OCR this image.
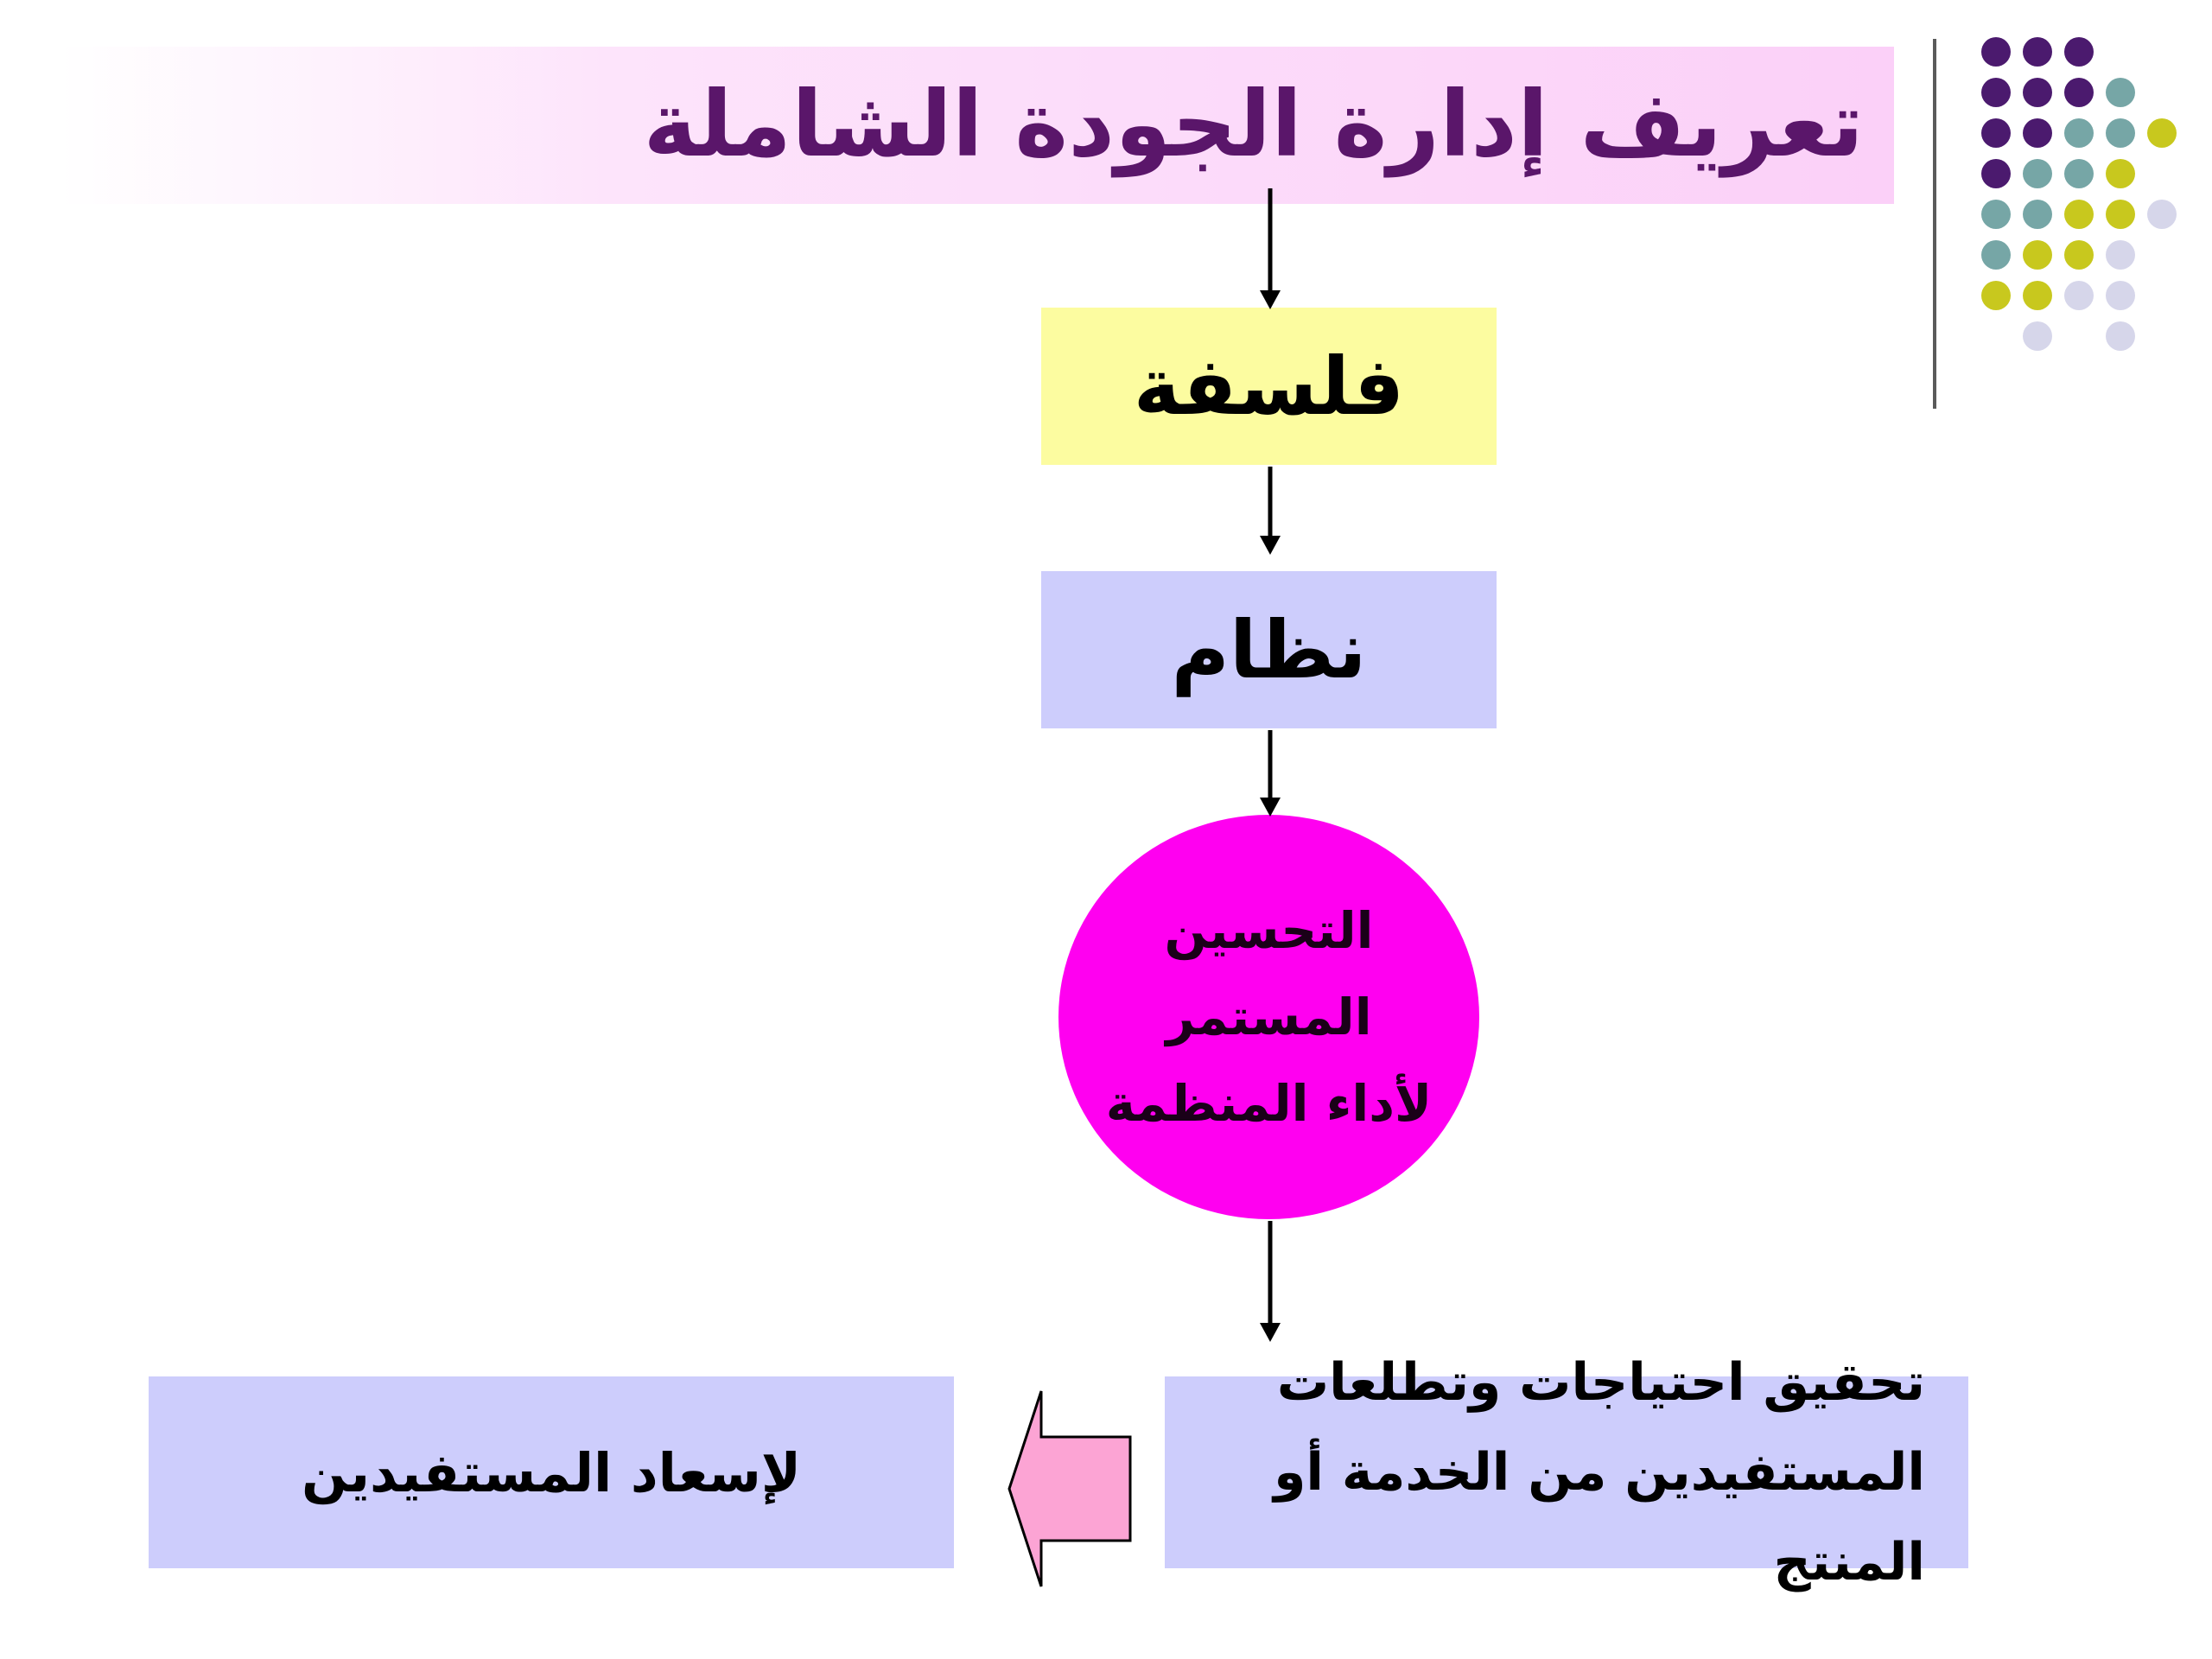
تعريف إدارة الجودة الشاملة
فلسفة
نظام
التحسين المستمر
لأداء المنظمة
تحقيق احتياجات وتطلعات
المستفيدين من الخدمة أو المنتج
لإسعاد المستفيدين
